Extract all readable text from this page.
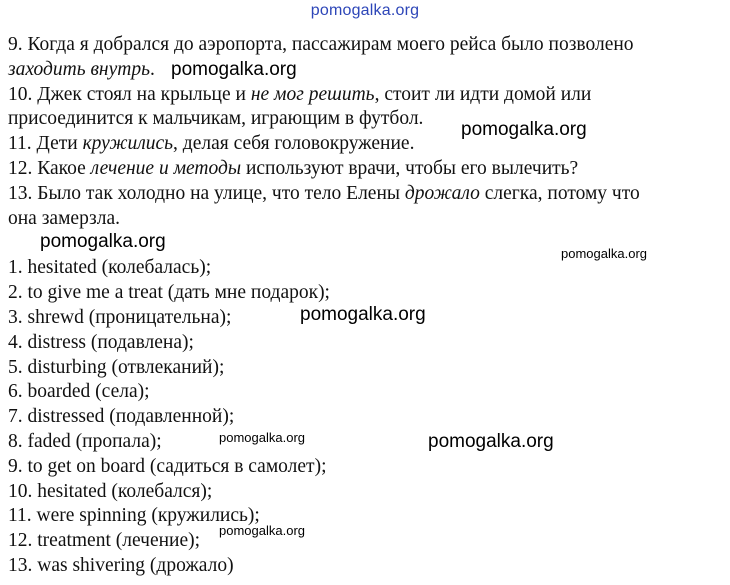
pomogalka.org

9. Когда я добрался до аэропорта, пассажирам моего рейса было позволено

заходить внутрь.

10. Джек стоял на крыльце и не мог решить, стоит ли идти домой или

присоединится к мальчикам, играющим в футбол.

11. Дети кружились, делая себя головокружение.

12. Какое лечение и методы используют врачи, чтобы его вылечить?

13. Было так холодно на улице, что тело Елены дрожало слегка, потому что

она замерзла.

1. hesitated (колебалась);

2. to give me a treat (дать мне подарок);

3. shrewd (проницательна);

4. distress (подавлена);

5. disturbing (отвлеканий);

6. boarded (села);

7. distressed (подавленной);

8. faded (пропала);

9. to get on board (садиться в самолет);

10. hesitated (колебался);

11. were spinning (кружились);

12. treatment (лечение);

13. was shivering (дрожало)

pomogalka.org
pomogalka.org
pomogalka.org
pomogalka.org
pomogalka.org
pomogalka.org	pomogalka.org
pomogalka.org
